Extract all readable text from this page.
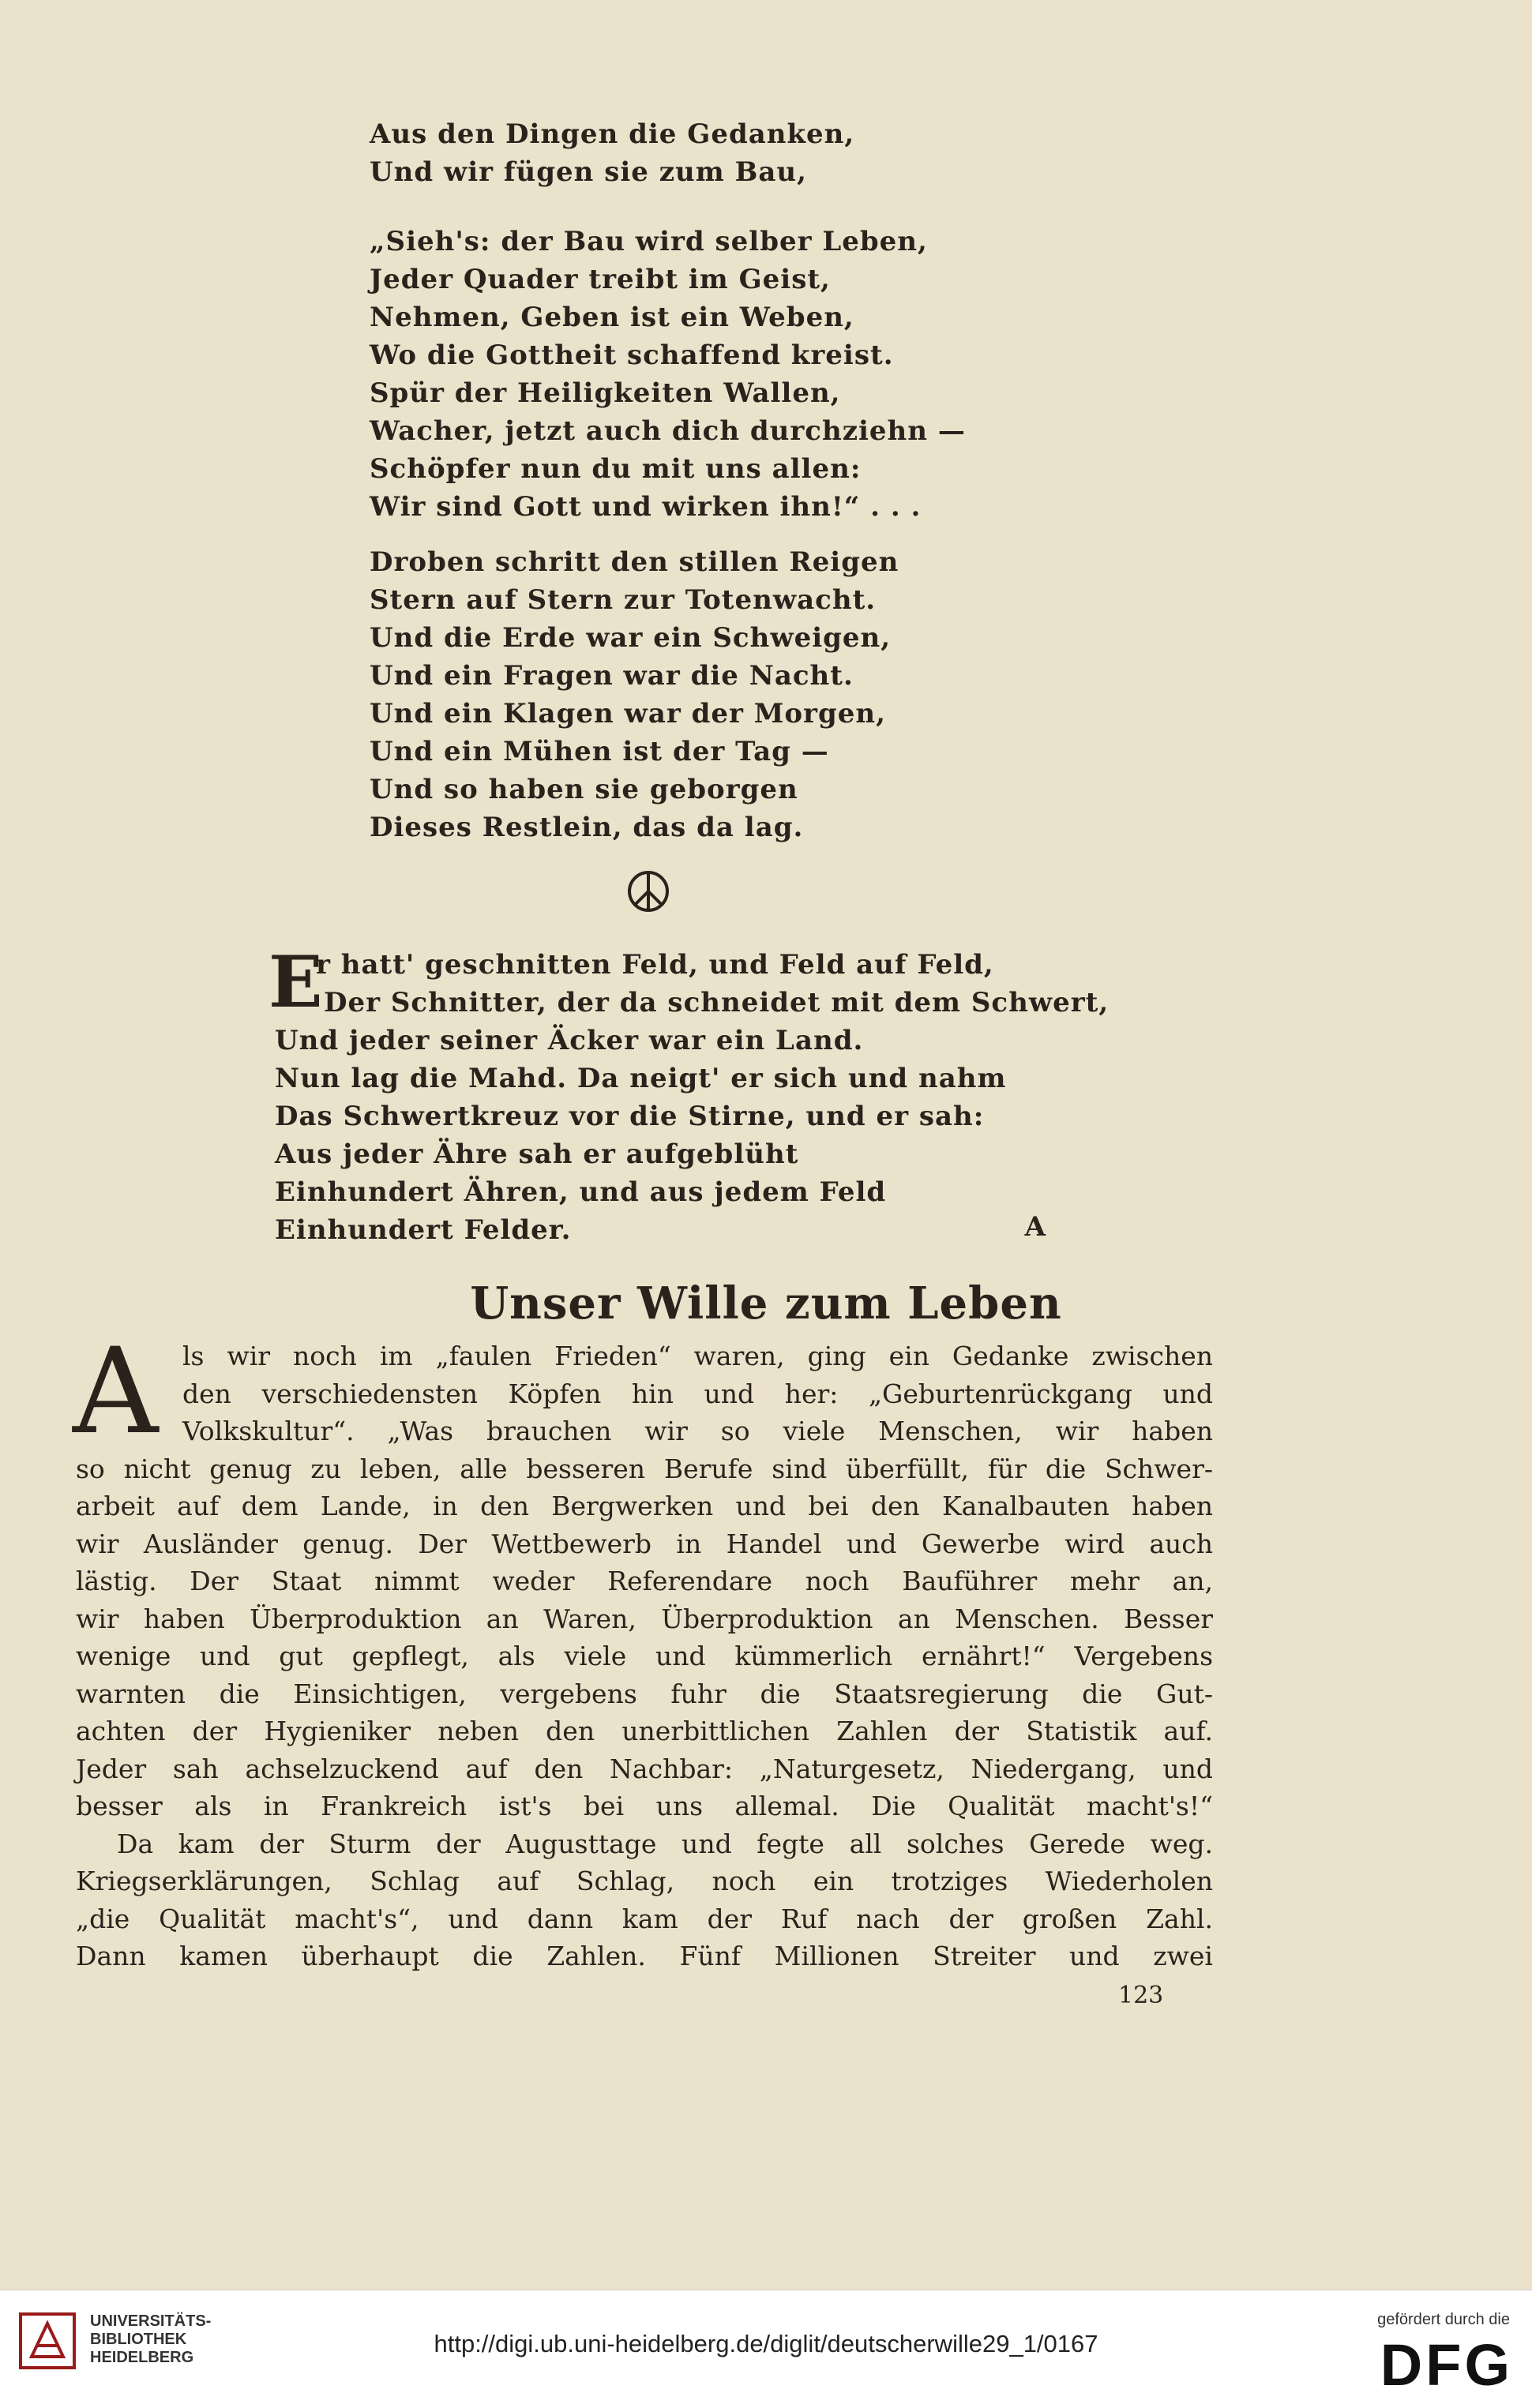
Aus den Dingen die Gedanken,
Und wir fügen sie zum Bau,
„Sieh's: der Bau wird selber Leben,
Jeder Quader treibt im Geist,
Nehmen, Geben ist ein Weben,
Wo die Gottheit schaffend kreist.
Spür der Heiligkeiten Wallen,
Wacher, jetzt auch dich durchziehn —
Schöpfer nun du mit uns allen:
Wir sind Gott und wirken ihn!“ . . .
Droben schritt den stillen Reigen
Stern auf Stern zur Totenwacht.
Und die Erde war ein Schweigen,
Und ein Fragen war die Nacht.
Und ein Klagen war der Morgen,
Und ein Mühen ist der Tag —
Und so haben sie geborgen
Dieses Restlein, das da lag.
E
r hatt' geschnitten Feld, und Feld auf Feld,
Der Schnitter, der da schneidet mit dem Schwert,
Und jeder seiner Äcker war ein Land.
Nun lag die Mahd. Da neigt' er sich und nahm
Das Schwertkreuz vor die Stirne, und er sah:
Aus jeder Ähre sah er aufgeblüht
Einhundert Ähren, und aus jedem Feld
Einhundert Felder.	A
Unser Wille zum Leben
A ls wir noch im „faulen Frieden“ waren, ging ein Gedanke zwischen
den verschiedensten Köpfen hin und her: „Geburtenrückgang und
Volkskultur“. „Was brauchen wir so viele Menschen, wir haben
so nicht genug zu leben, alle besseren Berufe sind überfüllt, für die Schwer-
arbeit auf dem Lande, in den Bergwerken und bei den Kanalbauten haben
wir Ausländer genug. Der Wettbewerb in Handel und Gewerbe wird auch
lästig. Der Staat nimmt weder Referendare noch Bauführer mehr an,
wir haben Überproduktion an Waren, Überproduktion an Menschen. Besser
wenige und gut gepflegt, als viele und kümmerlich ernährt!“ Vergebens
warnten die Einsichtigen, vergebens fuhr die Staatsregierung die Gut-
achten der Hygieniker neben den unerbittlichen Zahlen der Statistik auf.
Jeder sah achselzuckend auf den Nachbar: „Naturgesetz, Niedergang, und
besser als in Frankreich ist's bei uns allemal. Die Qualität macht's!“
Da kam der Sturm der Augusttage und fegte all solches Gerede weg.
Kriegserklärungen, Schlag auf Schlag, noch ein trotziges Wiederholen
„die Qualität macht's“, und dann kam der Ruf nach der großen Zahl.
Dann kamen überhaupt die Zahlen. Fünf Millionen Streiter und zwei
123
UNIVERSITÄTS-
BIBLIOTHEK
HEIDELBERG	http://digi.ub.uni-heidelberg.de/diglit/deutscherwille29_1/0167
gefördert durch die
DFG
